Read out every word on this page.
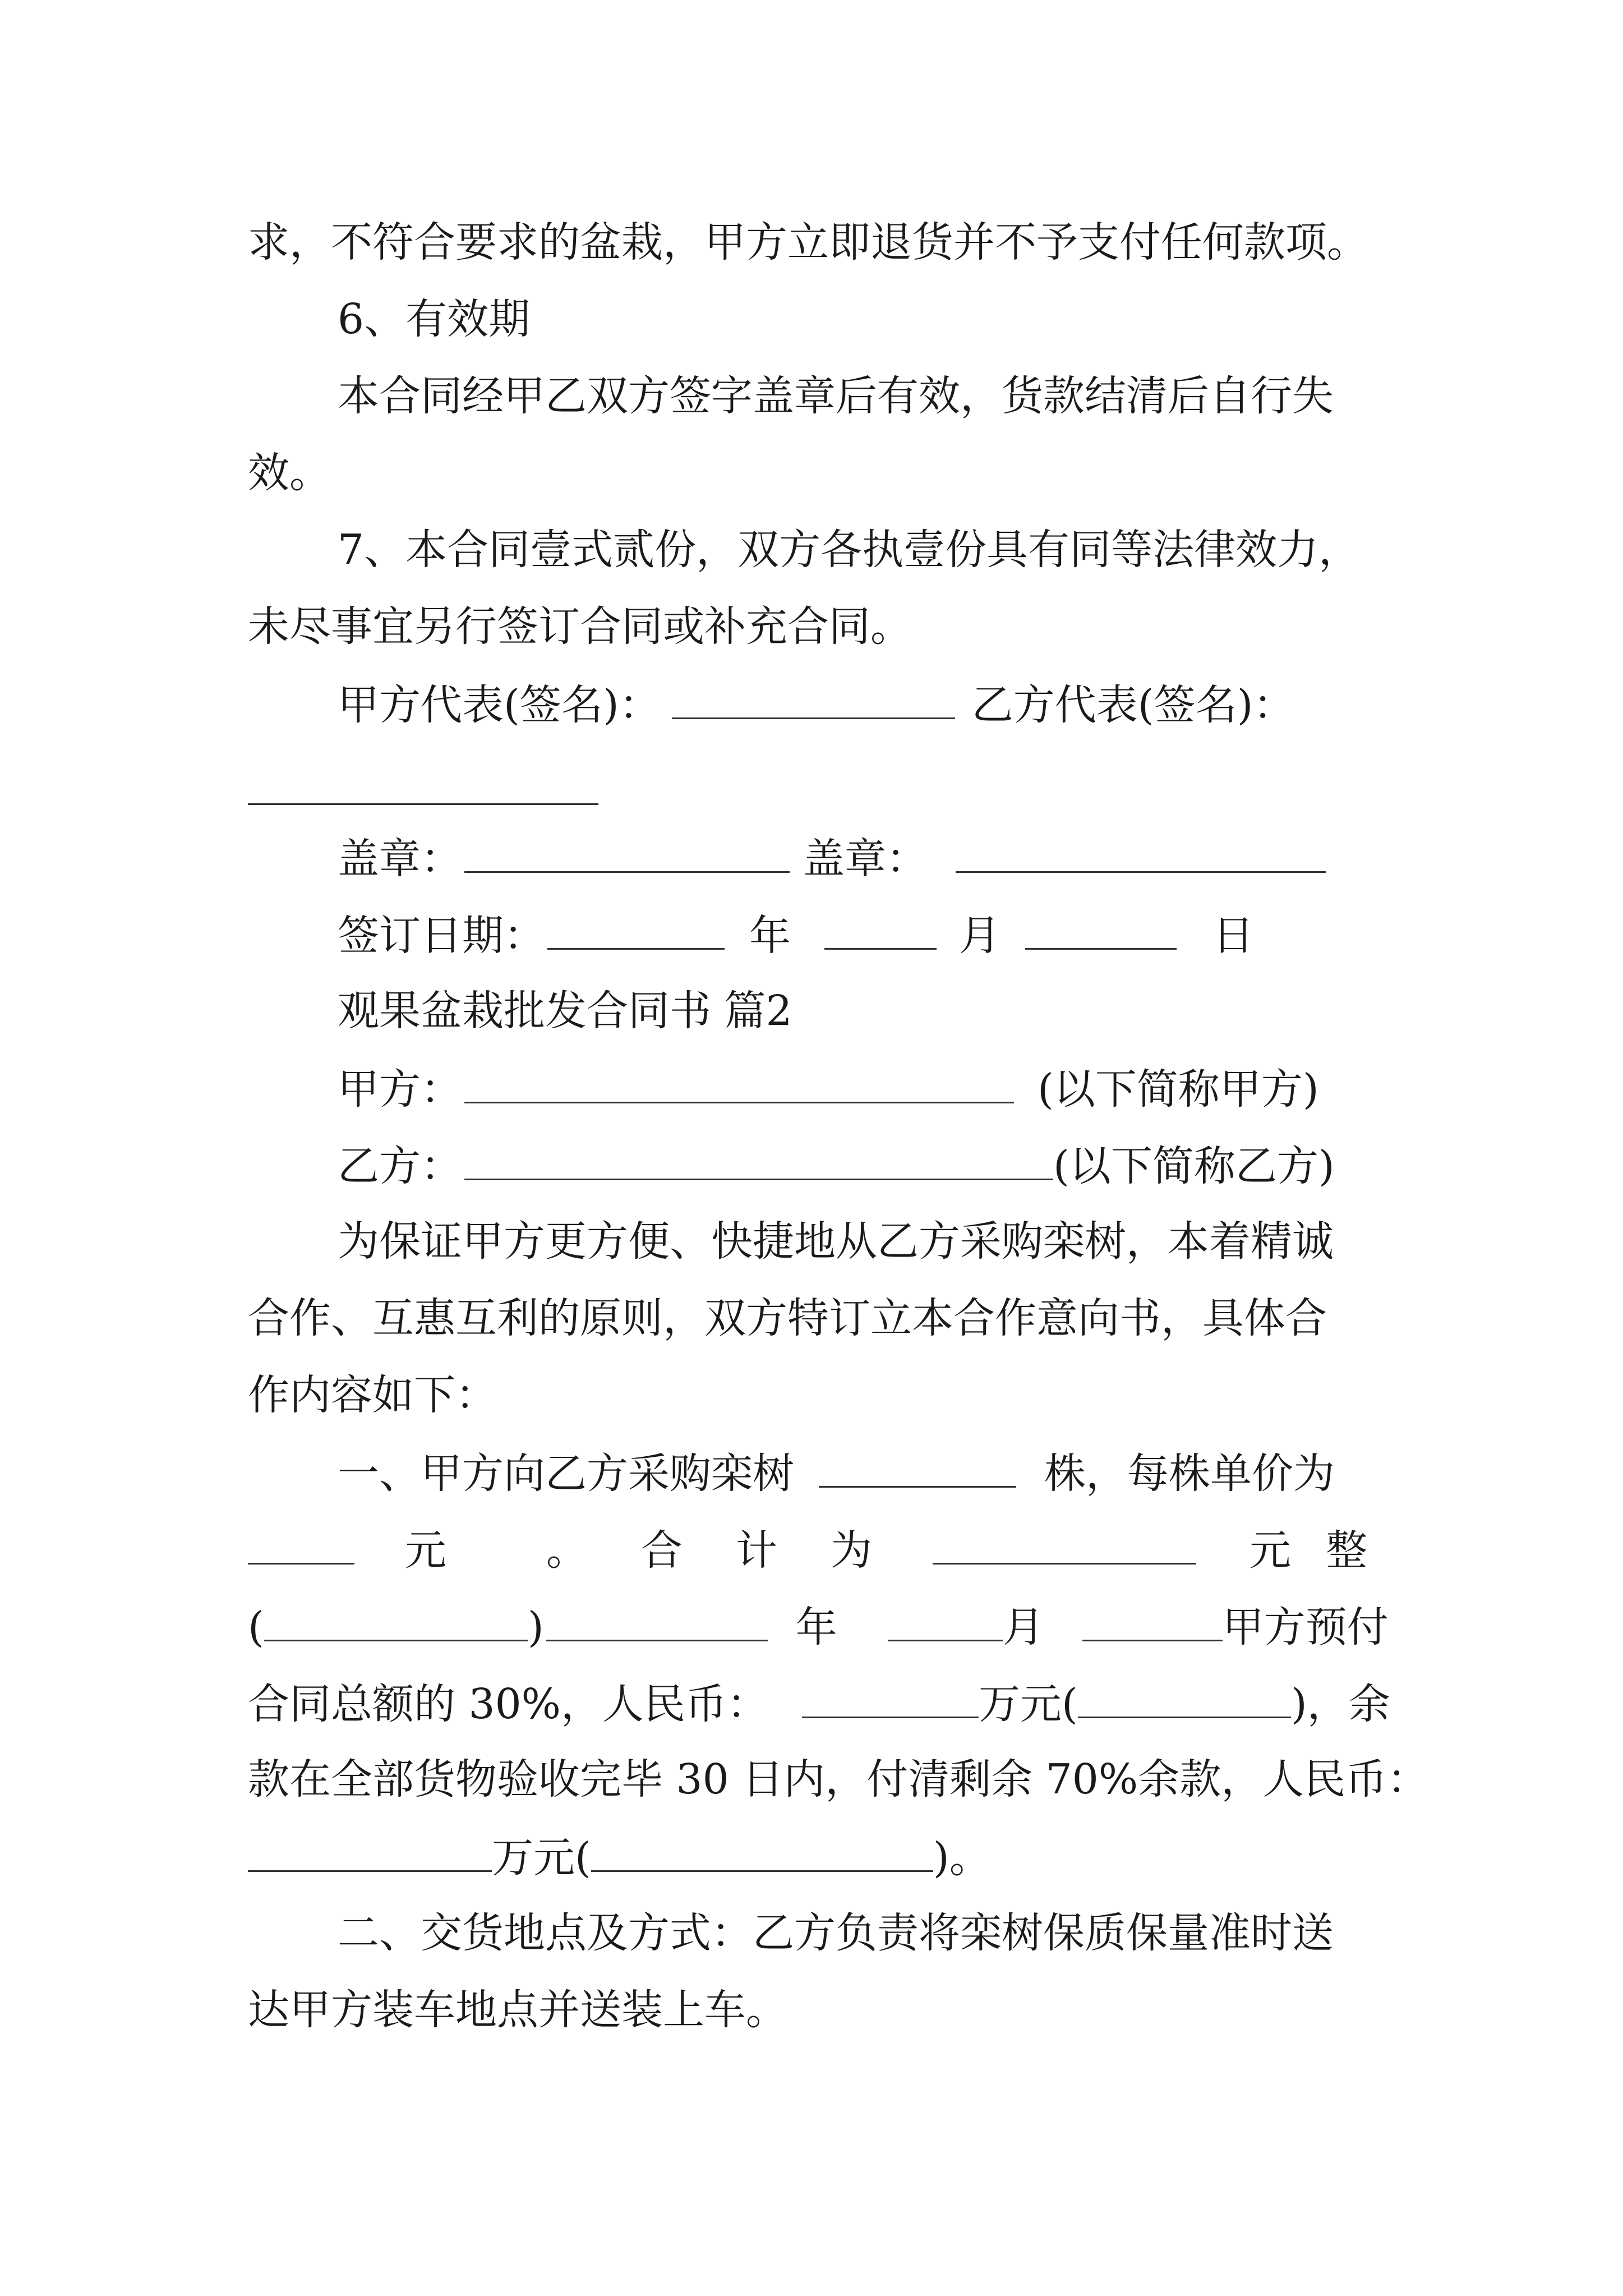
求，不符合要求的盆栽，甲方立即退货并不予支付任何款项。
6、有效期
本合同经甲乙双方签字盖章后有效，货款结清后自行失
效。
7、本合同壹式贰份，双方各执壹份具有同等法律效力，
未尽事宜另行签订合同或补充合同。
甲方代表(签名)：	乙方代表(签名)：
盖章：	盖章：
签订日期：	年	月	日
观果盆栽批发合同书 篇2
甲方：	(以下简称甲方)
乙方：	(以下简称乙方)
为保证甲方更方便、快捷地从乙方采购栾树，本着精诚
合作、互惠互利的原则，双方特订立本合作意向书，具体合
作内容如下：
一、甲方向乙方采购栾树	株，每株单价为
元 。 合 计 为	元 整
(	)	年	月	甲方预付
合同总额的 30%，人民币：	万元(	)，余
款在全部货物验收完毕 30 日内，付清剩余 70%余款，人民币：
万元(	)。
二、交货地点及方式：乙方负责将栾树保质保量准时送
达甲方装车地点并送装上车。
